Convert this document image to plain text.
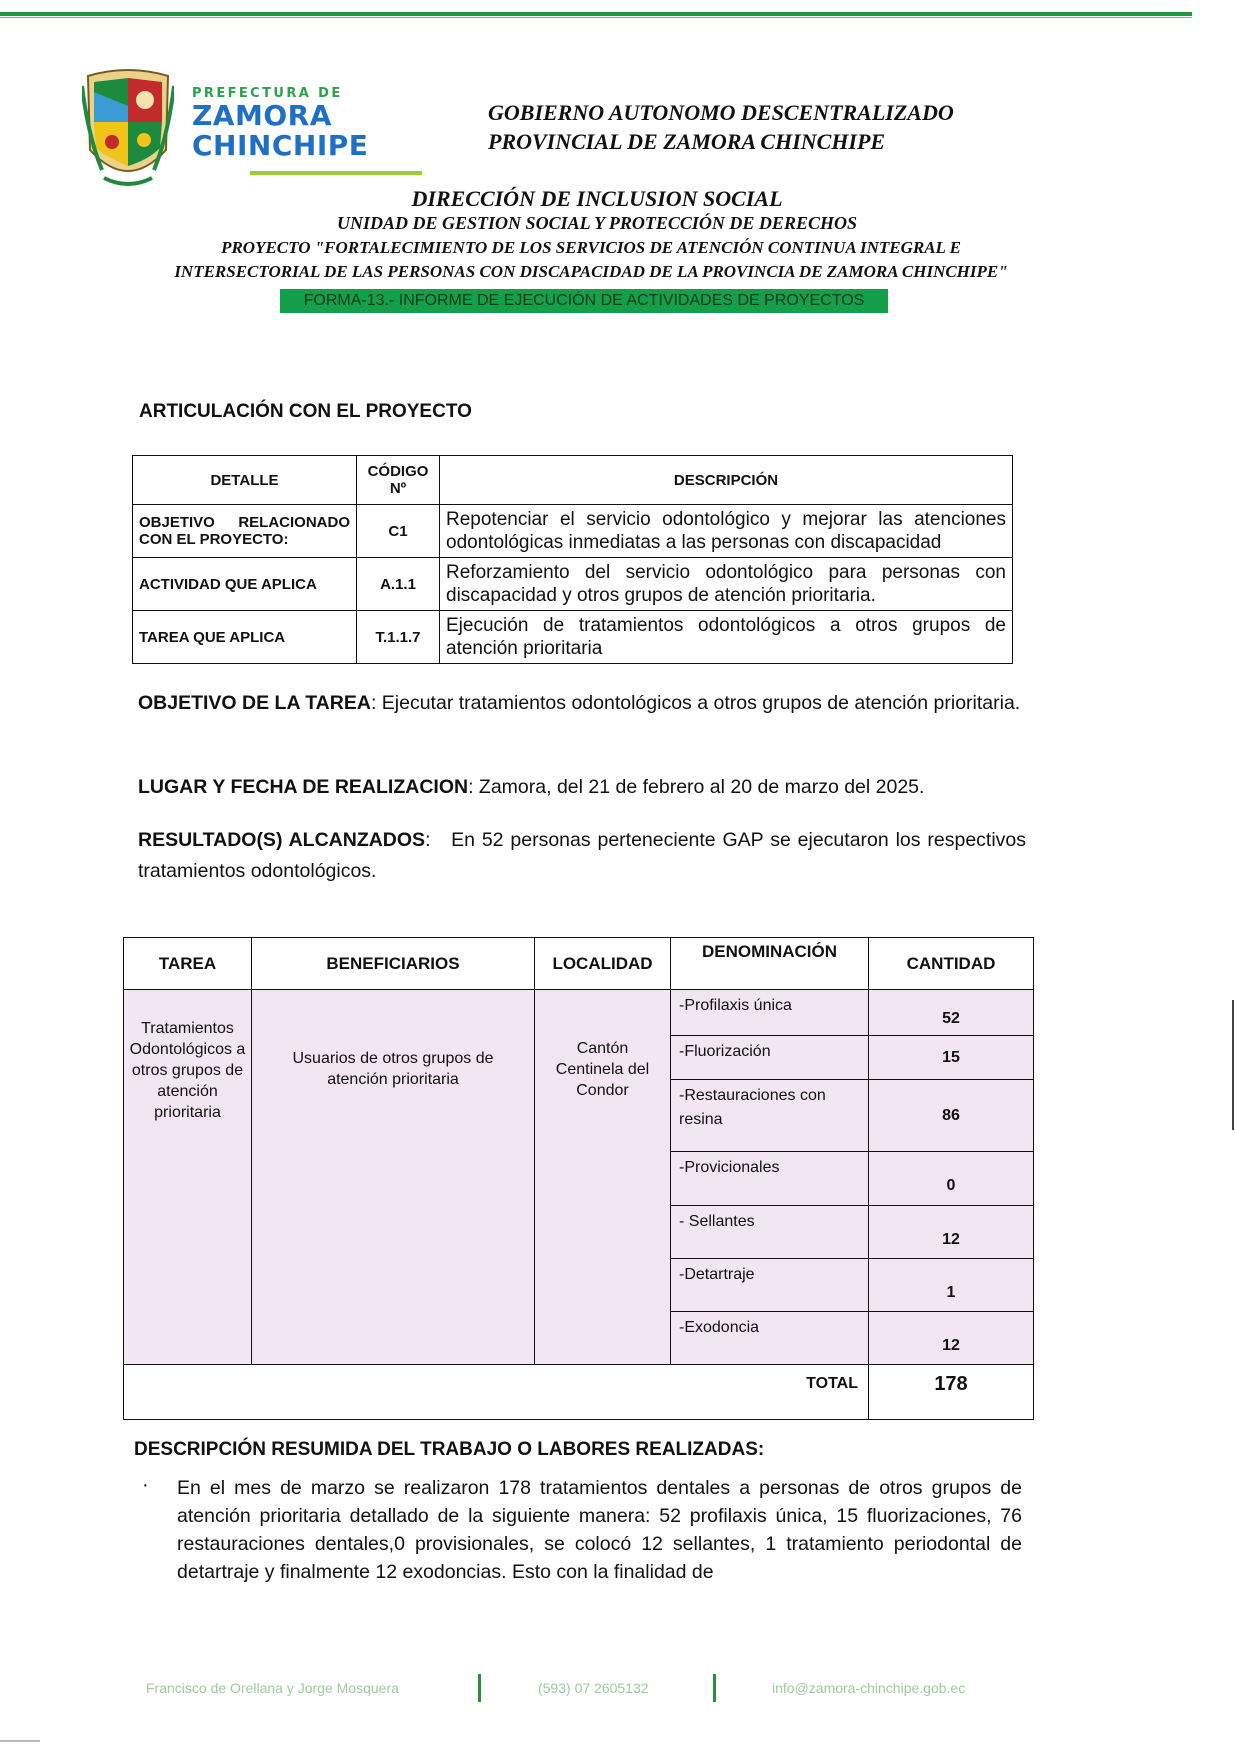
PREFECTURA DE
ZAMORA
CHINCHIPE
GOBIERNO AUTONOMO DESCENTRALIZADO
PROVINCIAL DE ZAMORA CHINCHIPE
DIRECCIÓN DE INCLUSION SOCIAL
UNIDAD DE GESTION SOCIAL Y PROTECCIÓN DE DERECHOS
PROYECTO "FORTALECIMIENTO DE LOS SERVICIOS DE ATENCIÓN CONTINUA INTEGRAL E
INTERSECTORIAL DE LAS PERSONAS CON DISCAPACIDAD DE LA PROVINCIA DE ZAMORA CHINCHIPE"
FORMA-13.- INFORME DE EJECUCIÓN DE ACTIVIDADES DE PROYECTOS
ARTICULACIÓN CON EL PROYECTO
DETALLE	CÓDIGO Nº	DESCRIPCIÓN
OBJETIVO RELACIONADO CON EL PROYECTO:	C1	Repotenciar el servicio odontológico y mejorar las atenciones odontológicas inmediatas a las personas con discapacidad
ACTIVIDAD QUE APLICA	A.1.1	Reforzamiento del servicio odontológico para personas con discapacidad y otros grupos de atención prioritaria.
TAREA QUE APLICA	T.1.1.7	Ejecución de tratamientos odontológicos a otros grupos de atención prioritaria
OBJETIVO DE LA TAREA: Ejecutar tratamientos odontológicos a otros grupos de atención prioritaria.
LUGAR Y FECHA DE REALIZACION: Zamora, del 21 de febrero al 20 de marzo del 2025.
RESULTADO(S) ALCANZADOS:   En 52 personas perteneciente GAP se ejecutaron los respectivos tratamientos odontológicos.
TAREA	BENEFICIARIOS	LOCALIDAD	DENOMINACIÓN	CANTIDAD
Tratamientos Odontológicos a otros grupos de atención prioritaria	Usuarios de otros grupos de atención prioritaria	Cantón Centinela del Condor	-Profilaxis única	52
			-Fluorización	15
			-Restauraciones con resina	86
			-Provicionales	0
			- Sellantes	12
			-Detartraje	1
			-Exodoncia	12
TOTAL				178
DESCRIPCIÓN RESUMIDA DEL TRABAJO O LABORES REALIZADAS:
· En el mes de marzo se realizaron 178 tratamientos dentales a personas de otros grupos de atención prioritaria detallado de la siguiente manera: 52 profilaxis única, 15 fluorizaciones, 76 restauraciones dentales,0 provisionales, se colocó 12 sellantes, 1 tratamiento periodontal de detartraje y finalmente 12 exodoncias. Esto con la finalidad de
Francisco de Orellana y Jorge Mosquera	(593) 07 2605132	info@zamora-chinchipe.gob.ec
